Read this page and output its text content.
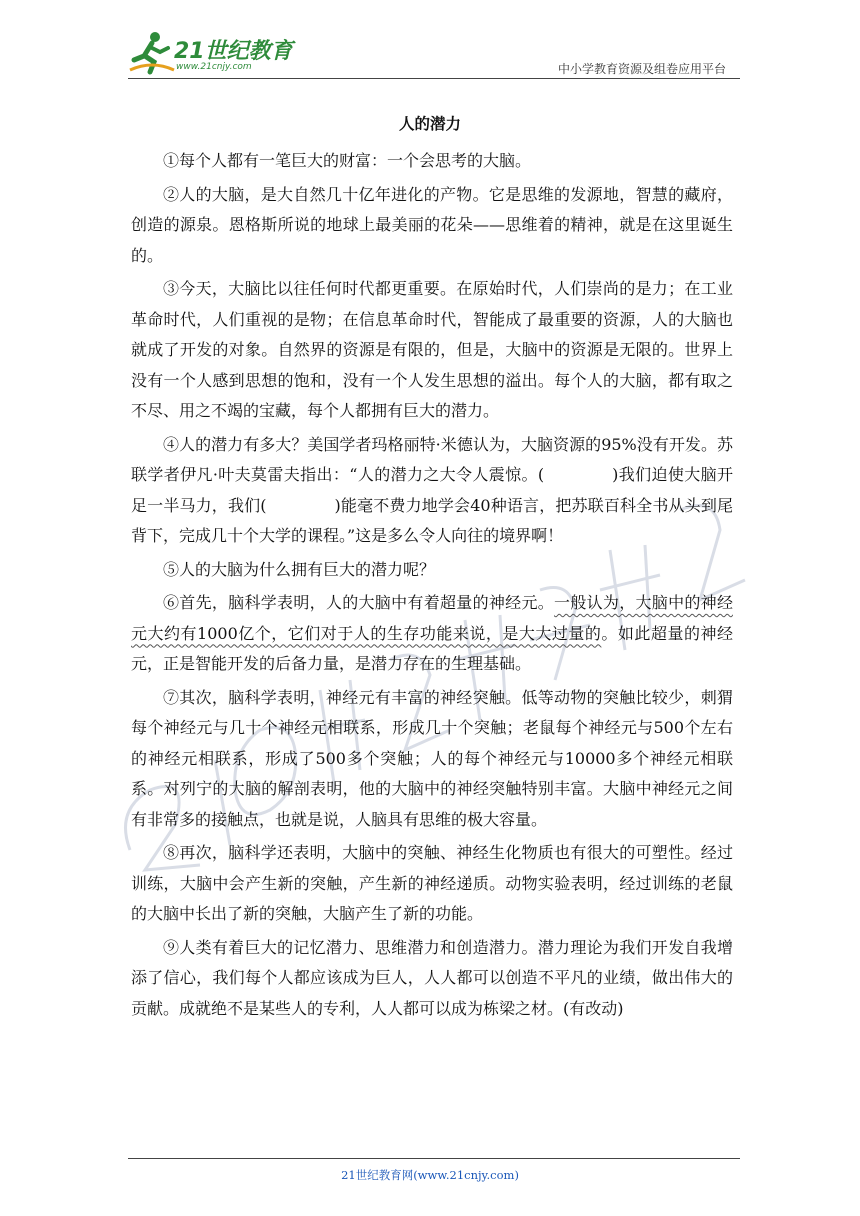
21世纪教育
www.21cnjy.com	中小学教育资源及组卷应用平台
人的潜力

①每个人都有一笔巨大的财富：一个会思考的大脑。

②人的大脑，是大自然几十亿年进化的产物。它是思维的发源地，智慧的藏府，创造的源泉。恩格斯所说的地球上最美丽的花朵——思维着的精神，就是在这里诞生的。

③今天，大脑比以往任何时代都更重要。在原始时代，人们崇尚的是力；在工业革命时代，人们重视的是物；在信息革命时代，智能成了最重要的资源，人的大脑也就成了开发的对象。自然界的资源是有限的，但是，大脑中的资源是无限的。世界上没有一个人感到思想的饱和，没有一个人发生思想的溢出。每个人的大脑，都有取之不尽、用之不竭的宝藏，每个人都拥有巨大的潜力。

④人的潜力有多大？美国学者玛格丽特·米德认为，大脑资源的95%没有开发。苏联学者伊凡·叶夫莫雷夫指出：“人的潜力之大令人震惊。(	)我们迫使大脑开足一半马力，我们(	)能毫不费力地学会40种语言，把苏联百科全书从头到尾背下，完成几十个大学的课程。”这是多么令人向往的境界啊！

⑤人的大脑为什么拥有巨大的潜力呢？

⑥首先，脑科学表明，人的大脑中有着超量的神经元。一般认为，大脑中的神经元大约有1000亿个，它们对于人的生存功能来说，是大大过量的。如此超量的神经元，正是智能开发的后备力量，是潜力存在的生理基础。

⑦其次，脑科学表明，神经元有丰富的神经突触。低等动物的突触比较少，刺猬每个神经元与几十个神经元相联系，形成几十个突触；老鼠每个神经元与500个左右的神经元相联系，形成了500多个突触；人的每个神经元与10000多个神经元相联系。对列宁的大脑的解剖表明，他的大脑中的神经突触特别丰富。大脑中神经元之间有非常多的接触点，也就是说，人脑具有思维的极大容量。

⑧再次，脑科学还表明，大脑中的突触、神经生化物质也有很大的可塑性。经过训练，大脑中会产生新的突触，产生新的神经递质。动物实验表明，经过训练的老鼠的大脑中长出了新的突触，大脑产生了新的功能。

⑨人类有着巨大的记忆潜力、思维潜力和创造潜力。潜力理论为我们开发自我增添了信心，我们每个人都应该成为巨人，人人都可以创造不平凡的业绩，做出伟大的贡献。成就绝不是某些人的专利，人人都可以成为栋梁之材。(有改动)

21世纪教育网(www.21cnjy.com)
